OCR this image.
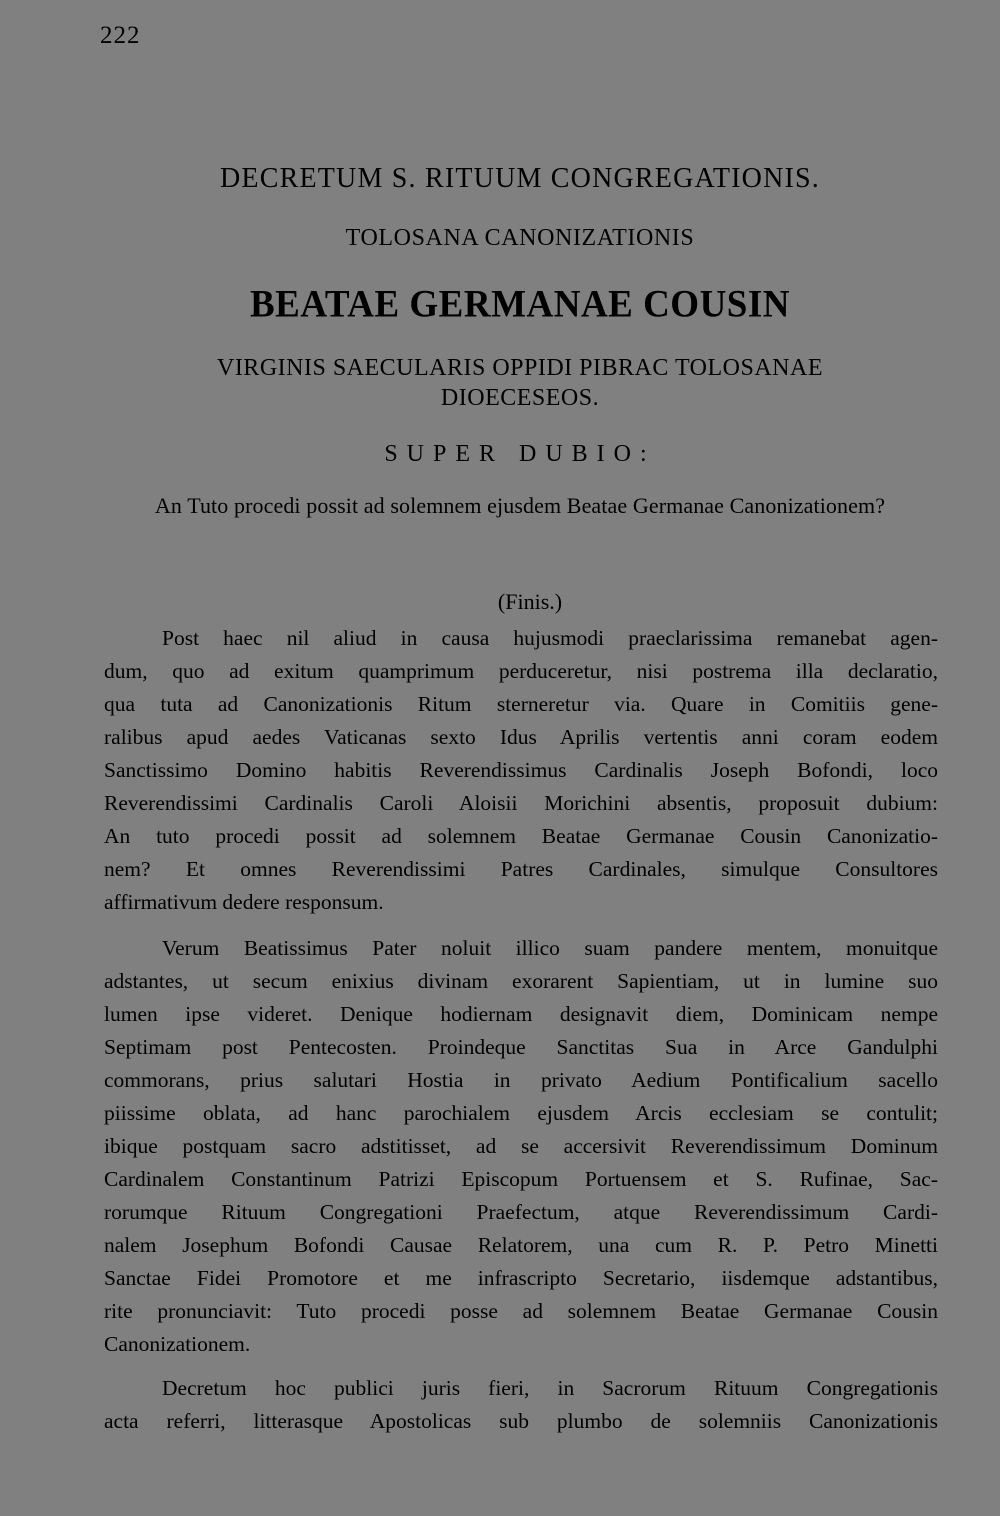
222
DECRETUM S. RITUUM CONGREGATIONIS.
TOLOSANA CANONIZATIONIS
BEATAE GERMANAE COUSIN
VIRGINIS SAECULARIS OPPIDI PIBRAC TOLOSANAE
DIOECESEOS.
SUPER DUBIO:
An Tuto procedi possit ad solemnem ejusdem Beatae Germanae Canonizationem?
(Finis.)
Post haec nil aliud in causa hujusmodi praeclarissima remanebat agen-
dum, quo ad exitum quamprimum perduceretur, nisi postrema illa declaratio,
qua tuta ad Canonizationis Ritum sterneretur via. Quare in Comitiis gene-
ralibus apud aedes Vaticanas sexto Idus Aprilis vertentis anni coram eodem
Sanctissimo Domino habitis Reverendissimus Cardinalis Joseph Bofondi, loco
Reverendissimi Cardinalis Caroli Aloisii Morichini absentis, proposuit dubium:
An tuto procedi possit ad solemnem Beatae Germanae Cousin Canonizatio-
nem? Et omnes Reverendissimi Patres Cardinales, simulque Consultores
affirmativum dedere responsum.
Verum Beatissimus Pater noluit illico suam pandere mentem, monuitque
adstantes, ut secum enixius divinam exorarent Sapientiam, ut in lumine suo
lumen ipse videret. Denique hodiernam designavit diem, Dominicam nempe
Septimam post Pentecosten. Proindeque Sanctitas Sua in Arce Gandulphi
commorans, prius salutari Hostia in privato Aedium Pontificalium sacello
piissime oblata, ad hanc parochialem ejusdem Arcis ecclesiam se contulit;
ibique postquam sacro adstitisset, ad se accersivit Reverendissimum Dominum
Cardinalem Constantinum Patrizi Episcopum Portuensem et S. Rufinae, Sac-
rorumque Rituum Congregationi Praefectum, atque Reverendissimum Cardi-
nalem Josephum Bofondi Causae Relatorem, una cum R. P. Petro Minetti
Sanctae Fidei Promotore et me infrascripto Secretario, iisdemque adstantibus,
rite pronunciavit: Tuto procedi posse ad solemnem Beatae Germanae Cousin
Canonizationem.
Decretum hoc publici juris fieri, in Sacrorum Rituum Congregationis
acta referri, litterasque Apostolicas sub plumbo de solemniis Canonizationis
